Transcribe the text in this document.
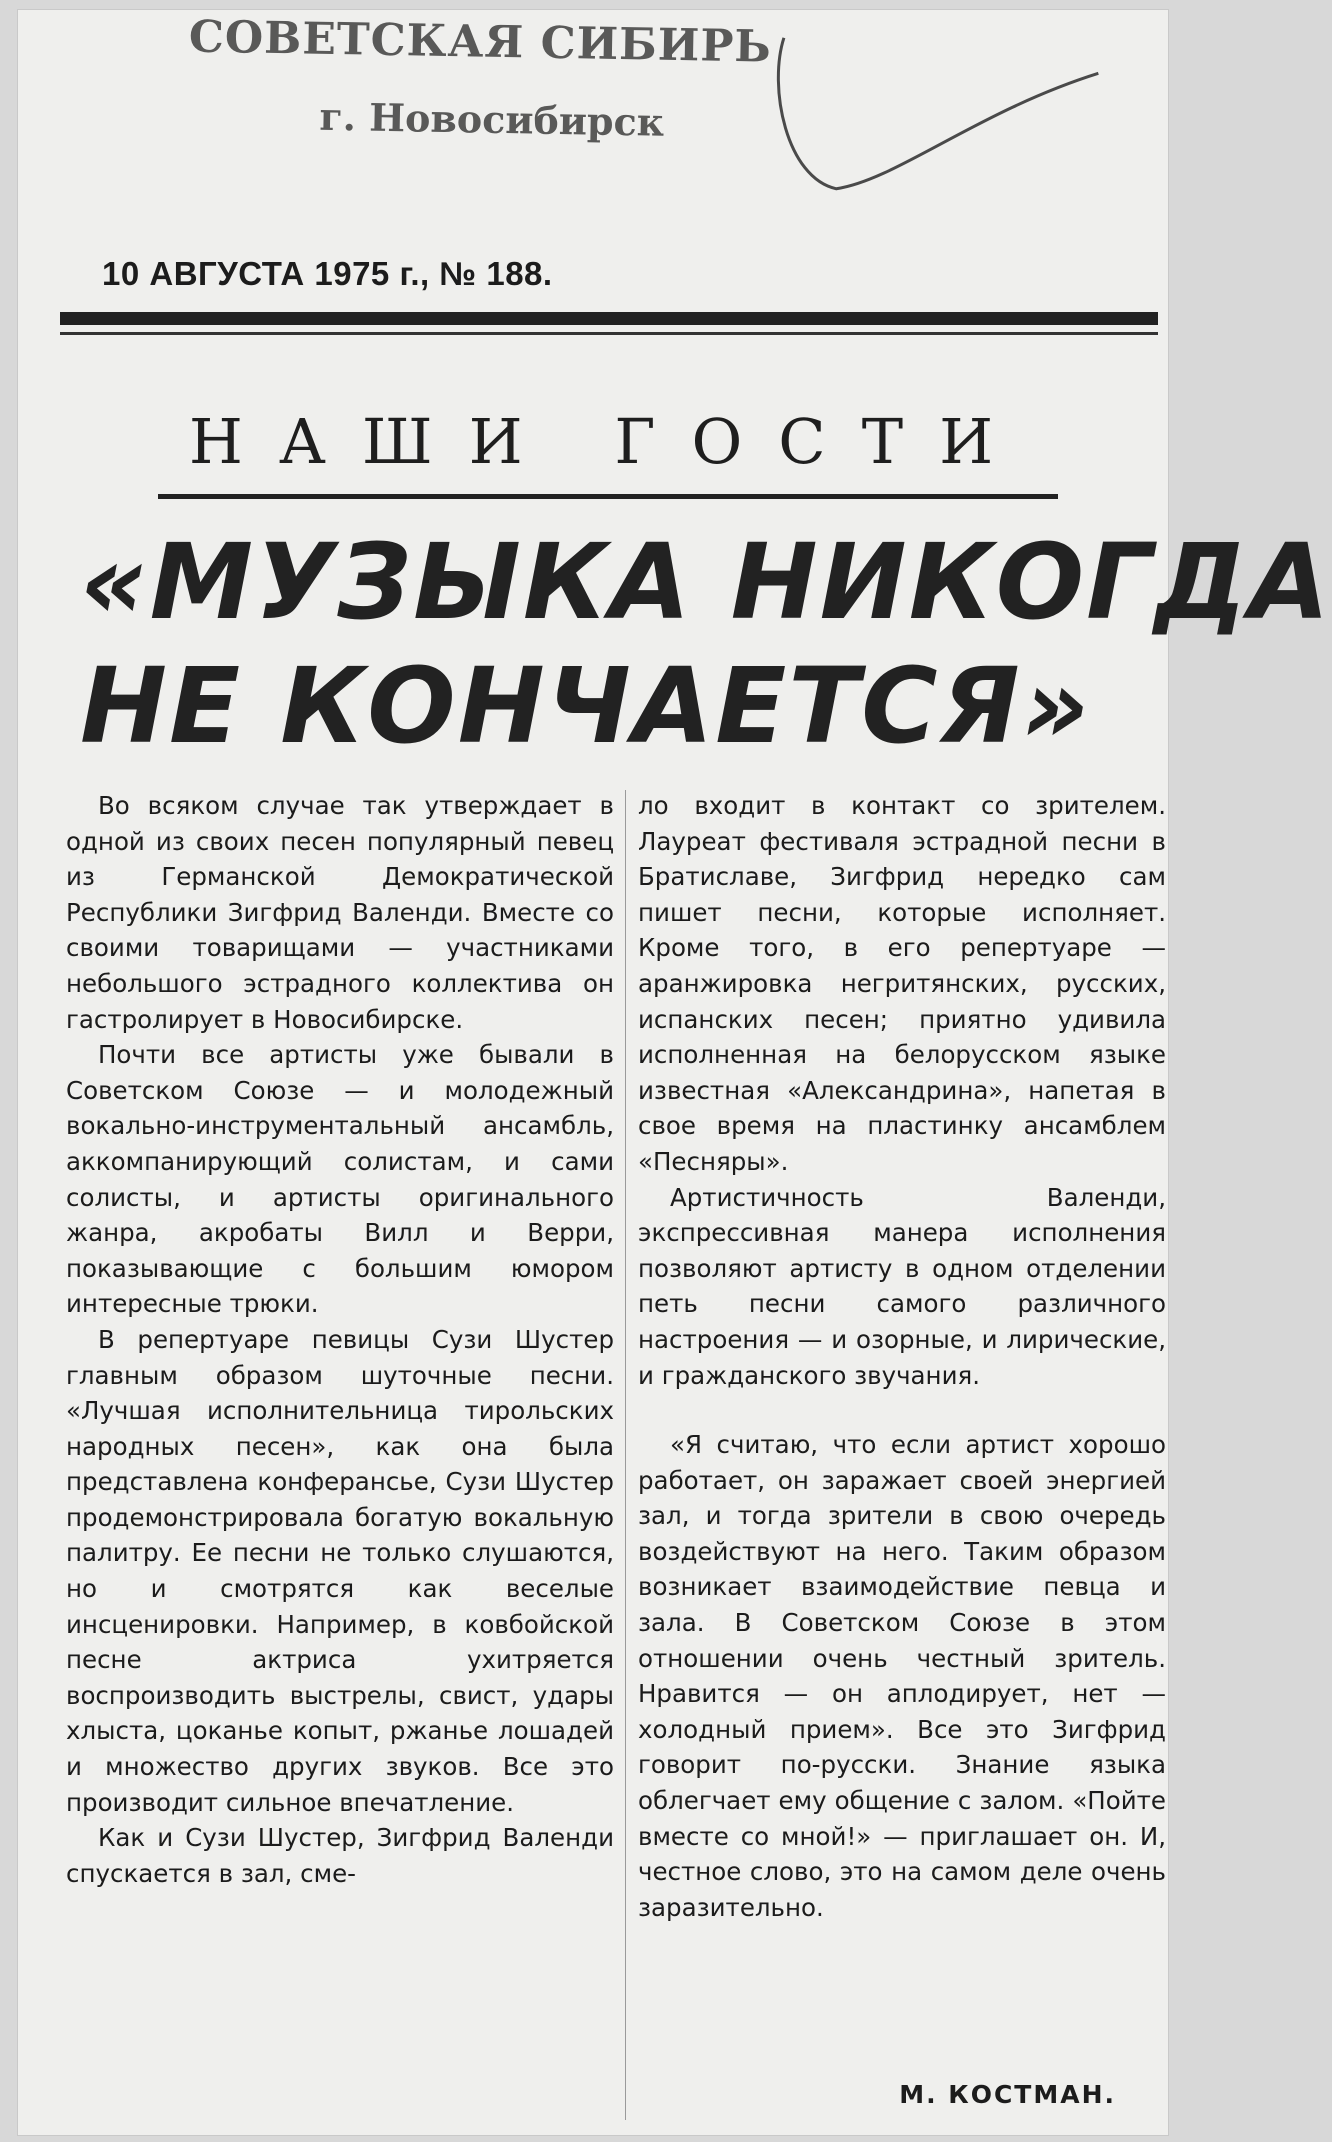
СОВЕТСКАЯ СИБИРЬ
г. Новосибирск
10 АВГУСТА 1975 г., № 188.
НАШИ ГОСТИ
«МУЗЫКА НИКОГДА
НЕ КОНЧАЕТСЯ»

Во всяком случае так утверждает в одной из своих песен популярный певец из Германской Демократической Республики Зигфрид Валенди. Вместе со своими товарищами — участниками небольшого эстрадного коллектива он гастролирует в Новосибирске.

Почти все артисты уже бывали в Советском Союзе — и молодежный вокально-инструментальный ансамбль, аккомпанирующий солистам, и сами солисты, и артисты оригинального жанра, акробаты Вилл и Верри, показывающие с большим юмором интересные трюки.

В репертуаре певицы Сузи Шустер главным образом шуточные песни. «Лучшая исполнительница тирольских народных песен», как она была представлена конферансье, Сузи Шустер продемонстрировала богатую вокальную палитру. Ее песни не только слушаются, но и смотрятся как веселые инсценировки. Например, в ковбойской песне актриса ухитряется воспроизводить выстрелы, свист, удары хлыста, цоканье копыт, ржанье лошадей и множество других звуков. Все это производит сильное впечатление.

Как и Сузи Шустер, Зигфрид Валенди спускается в зал, сме-

ло входит в контакт со зрителем. Лауреат фестиваля эстрадной песни в Братиславе, Зигфрид нередко сам пишет песни, которые исполняет. Кроме того, в его репертуаре — аранжировка негритянских, русских, испанских песен; приятно удивила исполненная на белорусском языке известная «Александрина», напетая в свое время на пластинку ансамблем «Песняры».

Артистичность Валенди, экспрессивная манера исполнения позволяют артисту в одном отделении петь песни самого различного настроения — и озорные, и лирические, и гражданского звучания.

«Я считаю, что если артист хорошо работает, он заражает своей энергией зал, и тогда зрители в свою очередь воздействуют на него. Таким образом возникает взаимодействие певца и зала. В Советском Союзе в этом отношении очень честный зритель. Нравится — он аплодирует, нет — холодный прием». Все это Зигфрид говорит по-русски. Знание языка облегчает ему общение с залом. «Пойте вместе со мной!» — приглашает он. И, честное слово, это на самом деле очень заразительно.

М. КОСТМАН.
